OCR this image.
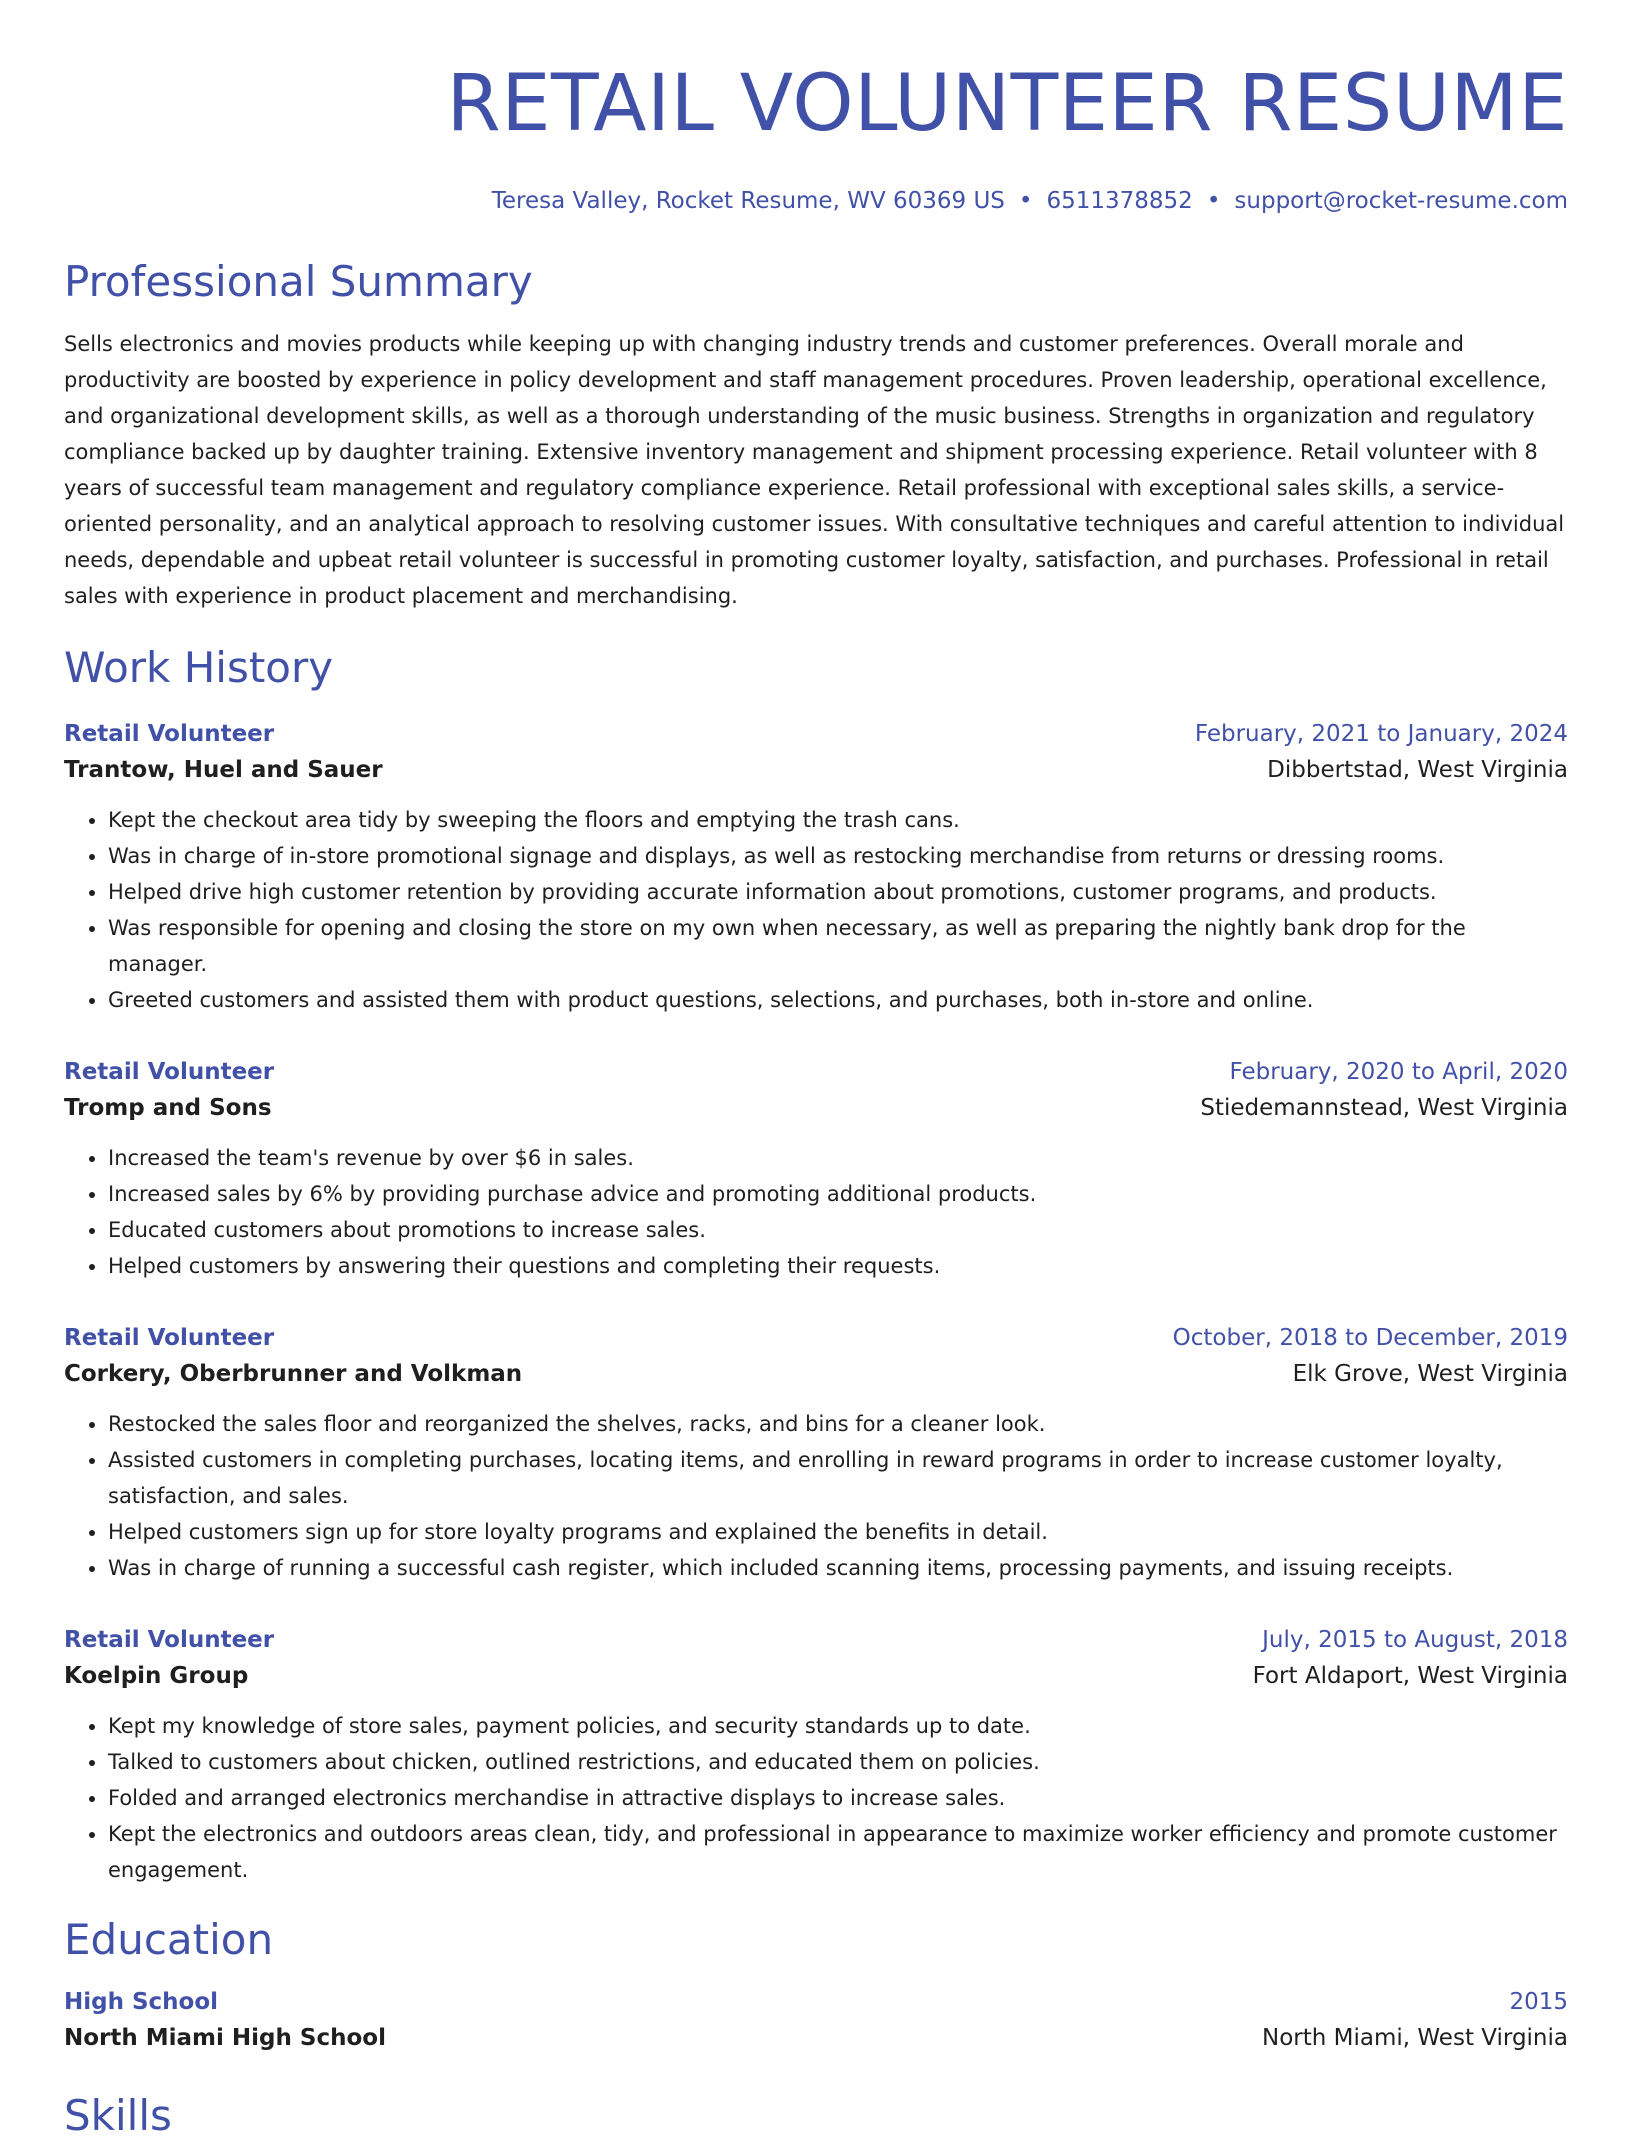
RETAIL VOLUNTEER RESUME
Teresa Valley, Rocket Resume, WV 60369 US • 6511378852 • support@rocket-resume.com
Professional Summary

Sells electronics and movies products while keeping up with changing industry trends and customer preferences. Overall morale and productivity are boosted by experience in policy development and staff management procedures. Proven leadership, operational excellence, and organizational development skills, as well as a thorough understanding of the music business. Strengths in organization and regulatory compliance backed up by daughter training. Extensive inventory management and shipment processing experience. Retail volunteer with 8 years of successful team management and regulatory compliance experience. Retail professional with exceptional sales skills, a service-oriented personality, and an analytical approach to resolving customer issues. With consultative techniques and careful attention to individual needs, dependable and upbeat retail volunteer is successful in promoting customer loyalty, satisfaction, and purchases. Professional in retail sales with experience in product placement and merchandising.

Work History
Retail Volunteer	February, 2021 to January, 2024
Trantow, Huel and Sauer	Dibbertstad, West Virginia
• Kept the checkout area tidy by sweeping the floors and emptying the trash cans.
• Was in charge of in-store promotional signage and displays, as well as restocking merchandise from returns or dressing rooms.
• Helped drive high customer retention by providing accurate information about promotions, customer programs, and products.
• Was responsible for opening and closing the store on my own when necessary, as well as preparing the nightly bank drop for the manager.
• Greeted customers and assisted them with product questions, selections, and purchases, both in-store and online.
Retail Volunteer	February, 2020 to April, 2020
Tromp and Sons	Stiedemannstead, West Virginia
• Increased the team's revenue by over $6 in sales.
• Increased sales by 6% by providing purchase advice and promoting additional products.
• Educated customers about promotions to increase sales.
• Helped customers by answering their questions and completing their requests.
Retail Volunteer	October, 2018 to December, 2019
Corkery, Oberbrunner and Volkman	Elk Grove, West Virginia
• Restocked the sales floor and reorganized the shelves, racks, and bins for a cleaner look.
• Assisted customers in completing purchases, locating items, and enrolling in reward programs in order to increase customer loyalty, satisfaction, and sales.
• Helped customers sign up for store loyalty programs and explained the benefits in detail.
• Was in charge of running a successful cash register, which included scanning items, processing payments, and issuing receipts.
Retail Volunteer	July, 2015 to August, 2018
Koelpin Group	Fort Aldaport, West Virginia
• Kept my knowledge of store sales, payment policies, and security standards up to date.
• Talked to customers about chicken, outlined restrictions, and educated them on policies.
• Folded and arranged electronics merchandise in attractive displays to increase sales.
• Kept the electronics and outdoors areas clean, tidy, and professional in appearance to maximize worker efficiency and promote customer engagement.
Education
High School	2015
North Miami High School	North Miami, West Virginia
Skills
